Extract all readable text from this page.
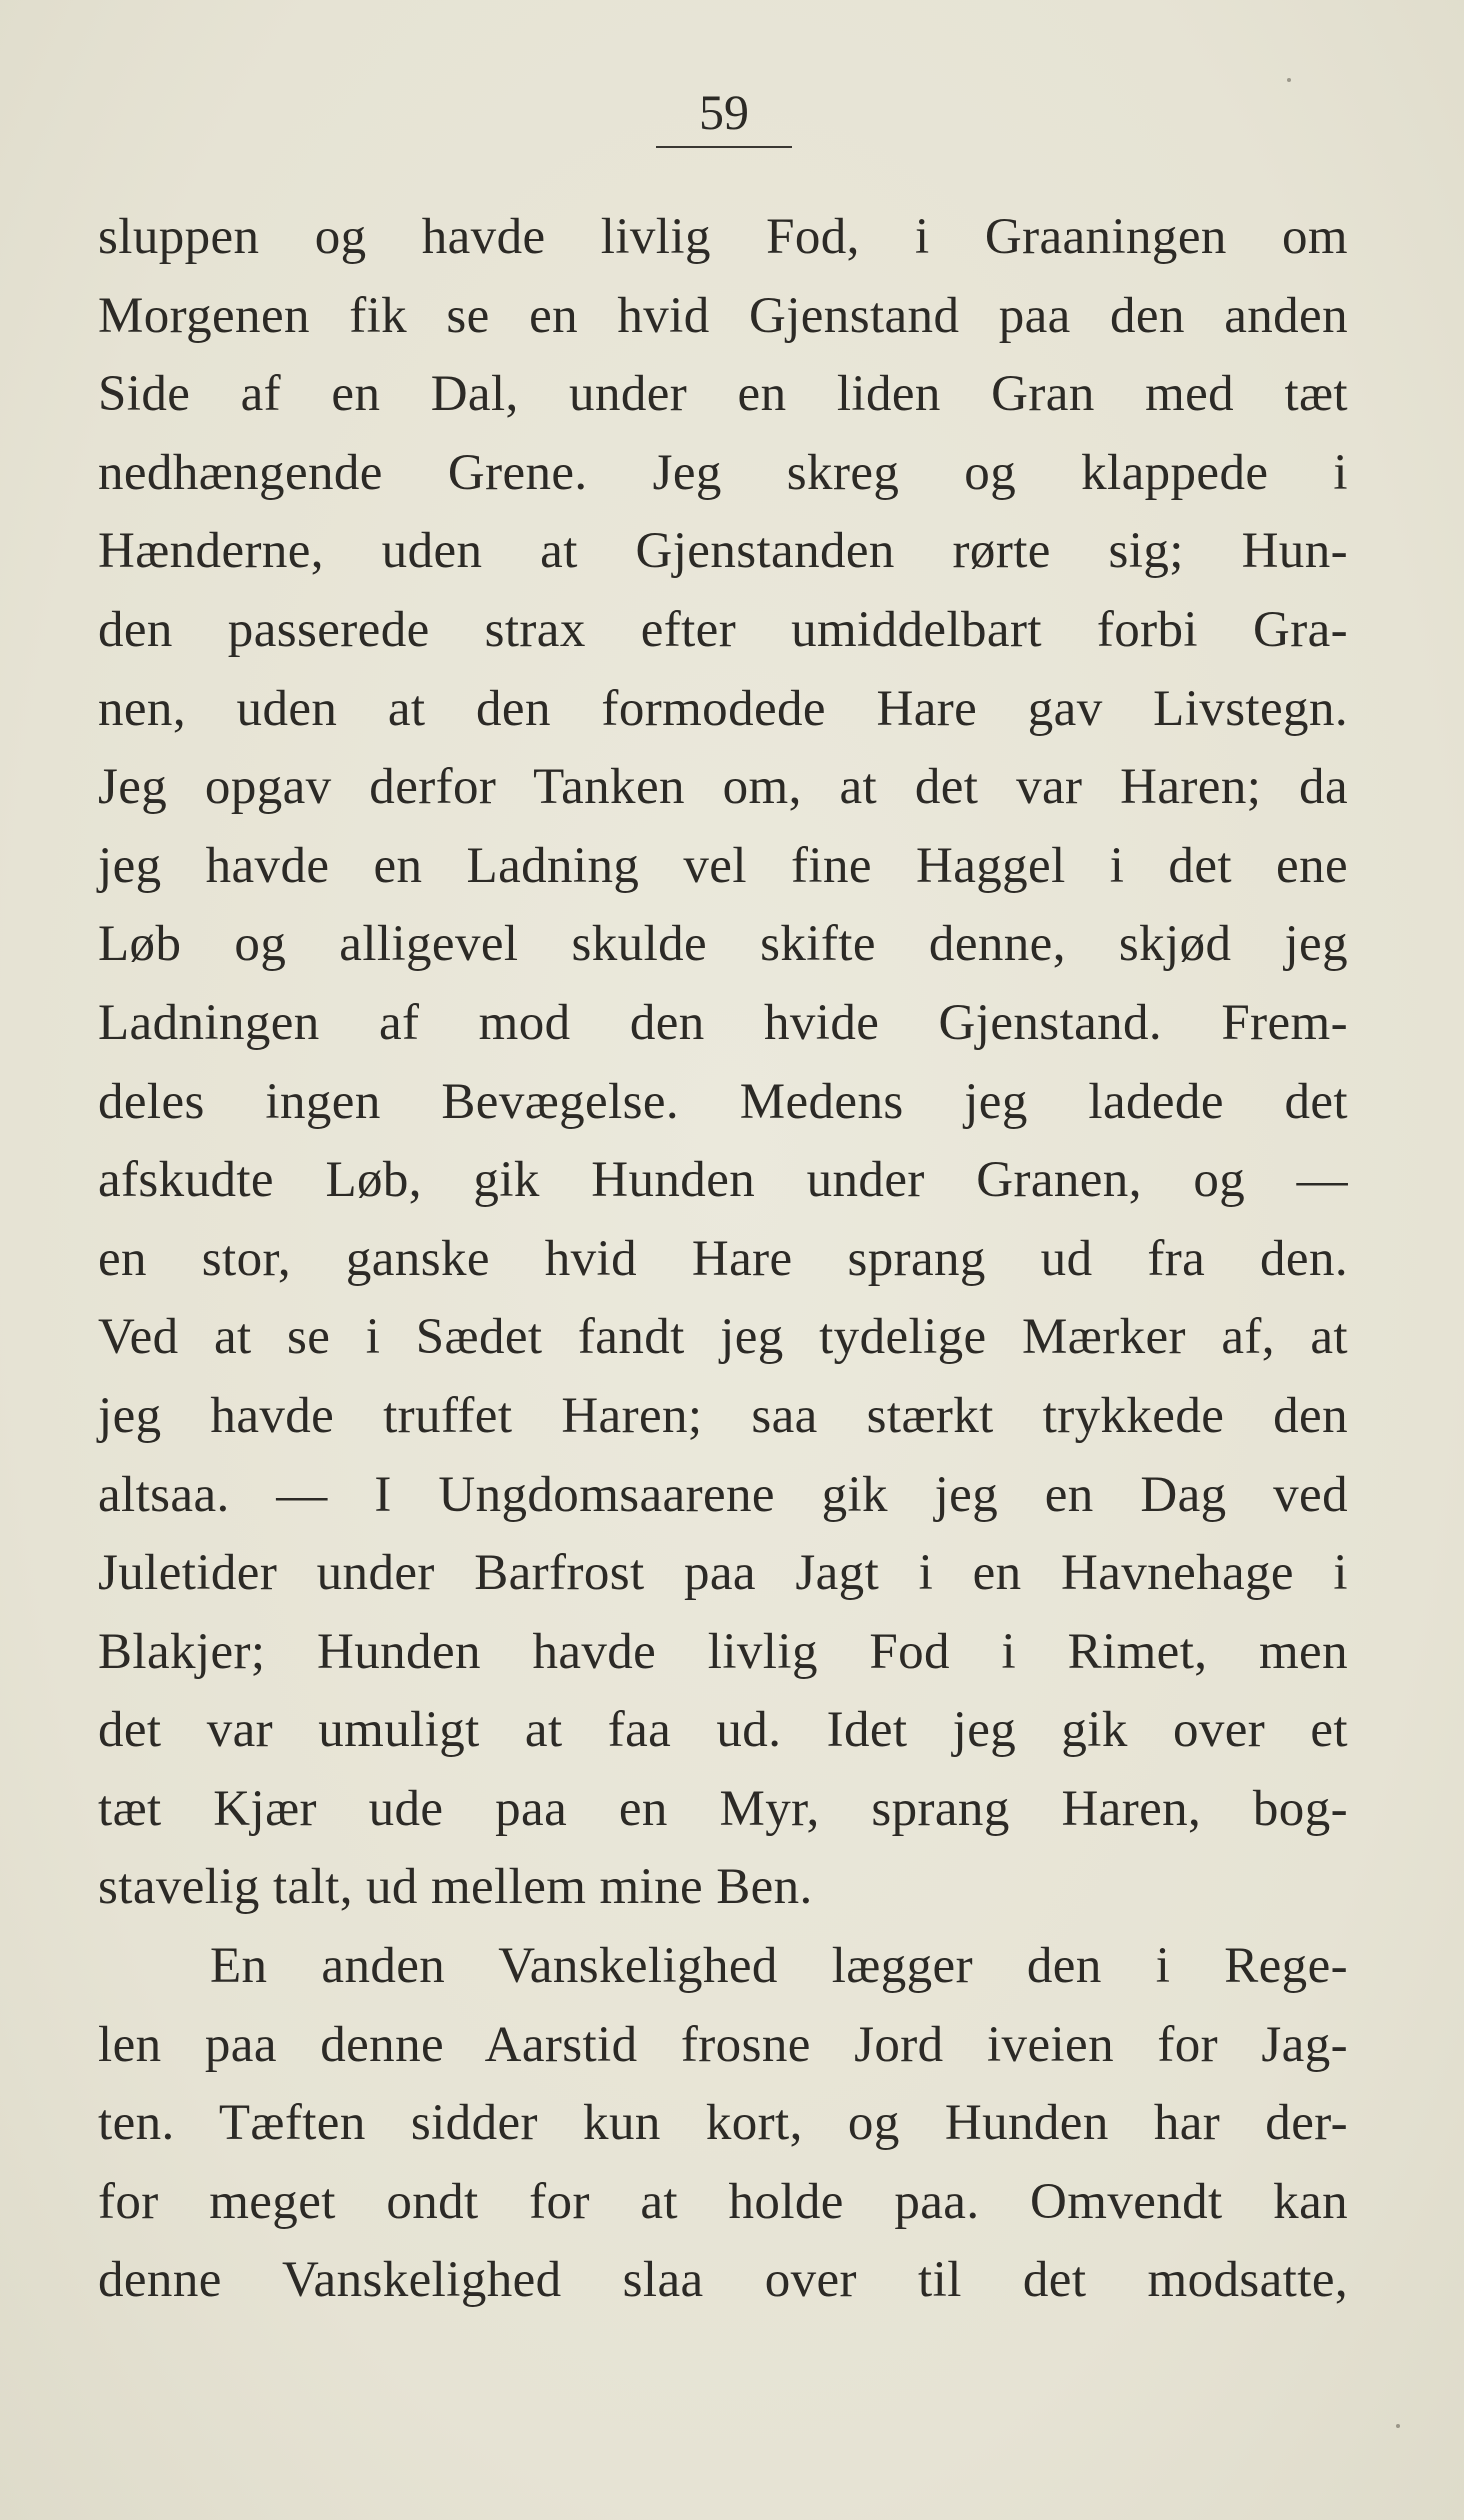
59
sluppen og havde livlig Fod, i Graaningen om
Morgenen fik se en hvid Gjenstand paa den anden
Side af en Dal, under en liden Gran med tæt
nedhængende Grene. Jeg skreg og klappede i
Hænderne, uden at Gjenstanden rørte sig; Hun-
den passerede strax efter umiddelbart forbi Gra-
nen, uden at den formodede Hare gav Livstegn.
Jeg opgav derfor Tanken om, at det var Haren; da
jeg havde en Ladning vel fine Haggel i det ene
Løb og alligevel skulde skifte denne, skjød jeg
Ladningen af mod den hvide Gjenstand. Frem-
deles ingen Bevægelse. Medens jeg ladede det
afskudte Løb, gik Hunden under Granen, og —
en stor, ganske hvid Hare sprang ud fra den.
Ved at se i Sædet fandt jeg tydelige Mærker af, at
jeg havde truffet Haren; saa stærkt trykkede den
altsaa. — I Ungdomsaarene gik jeg en Dag ved
Juletider under Barfrost paa Jagt i en Havnehage i
Blakjer; Hunden havde livlig Fod i Rimet, men
det var umuligt at faa ud. Idet jeg gik over et
tæt Kjær ude paa en Myr, sprang Haren, bog-
stavelig talt, ud mellem mine Ben.
En anden Vanskelighed lægger den i Rege-
len paa denne Aarstid frosne Jord iveien for Jag-
ten. Tæften sidder kun kort, og Hunden har der-
for meget ondt for at holde paa. Omvendt kan
denne Vanskelighed slaa over til det modsatte,
